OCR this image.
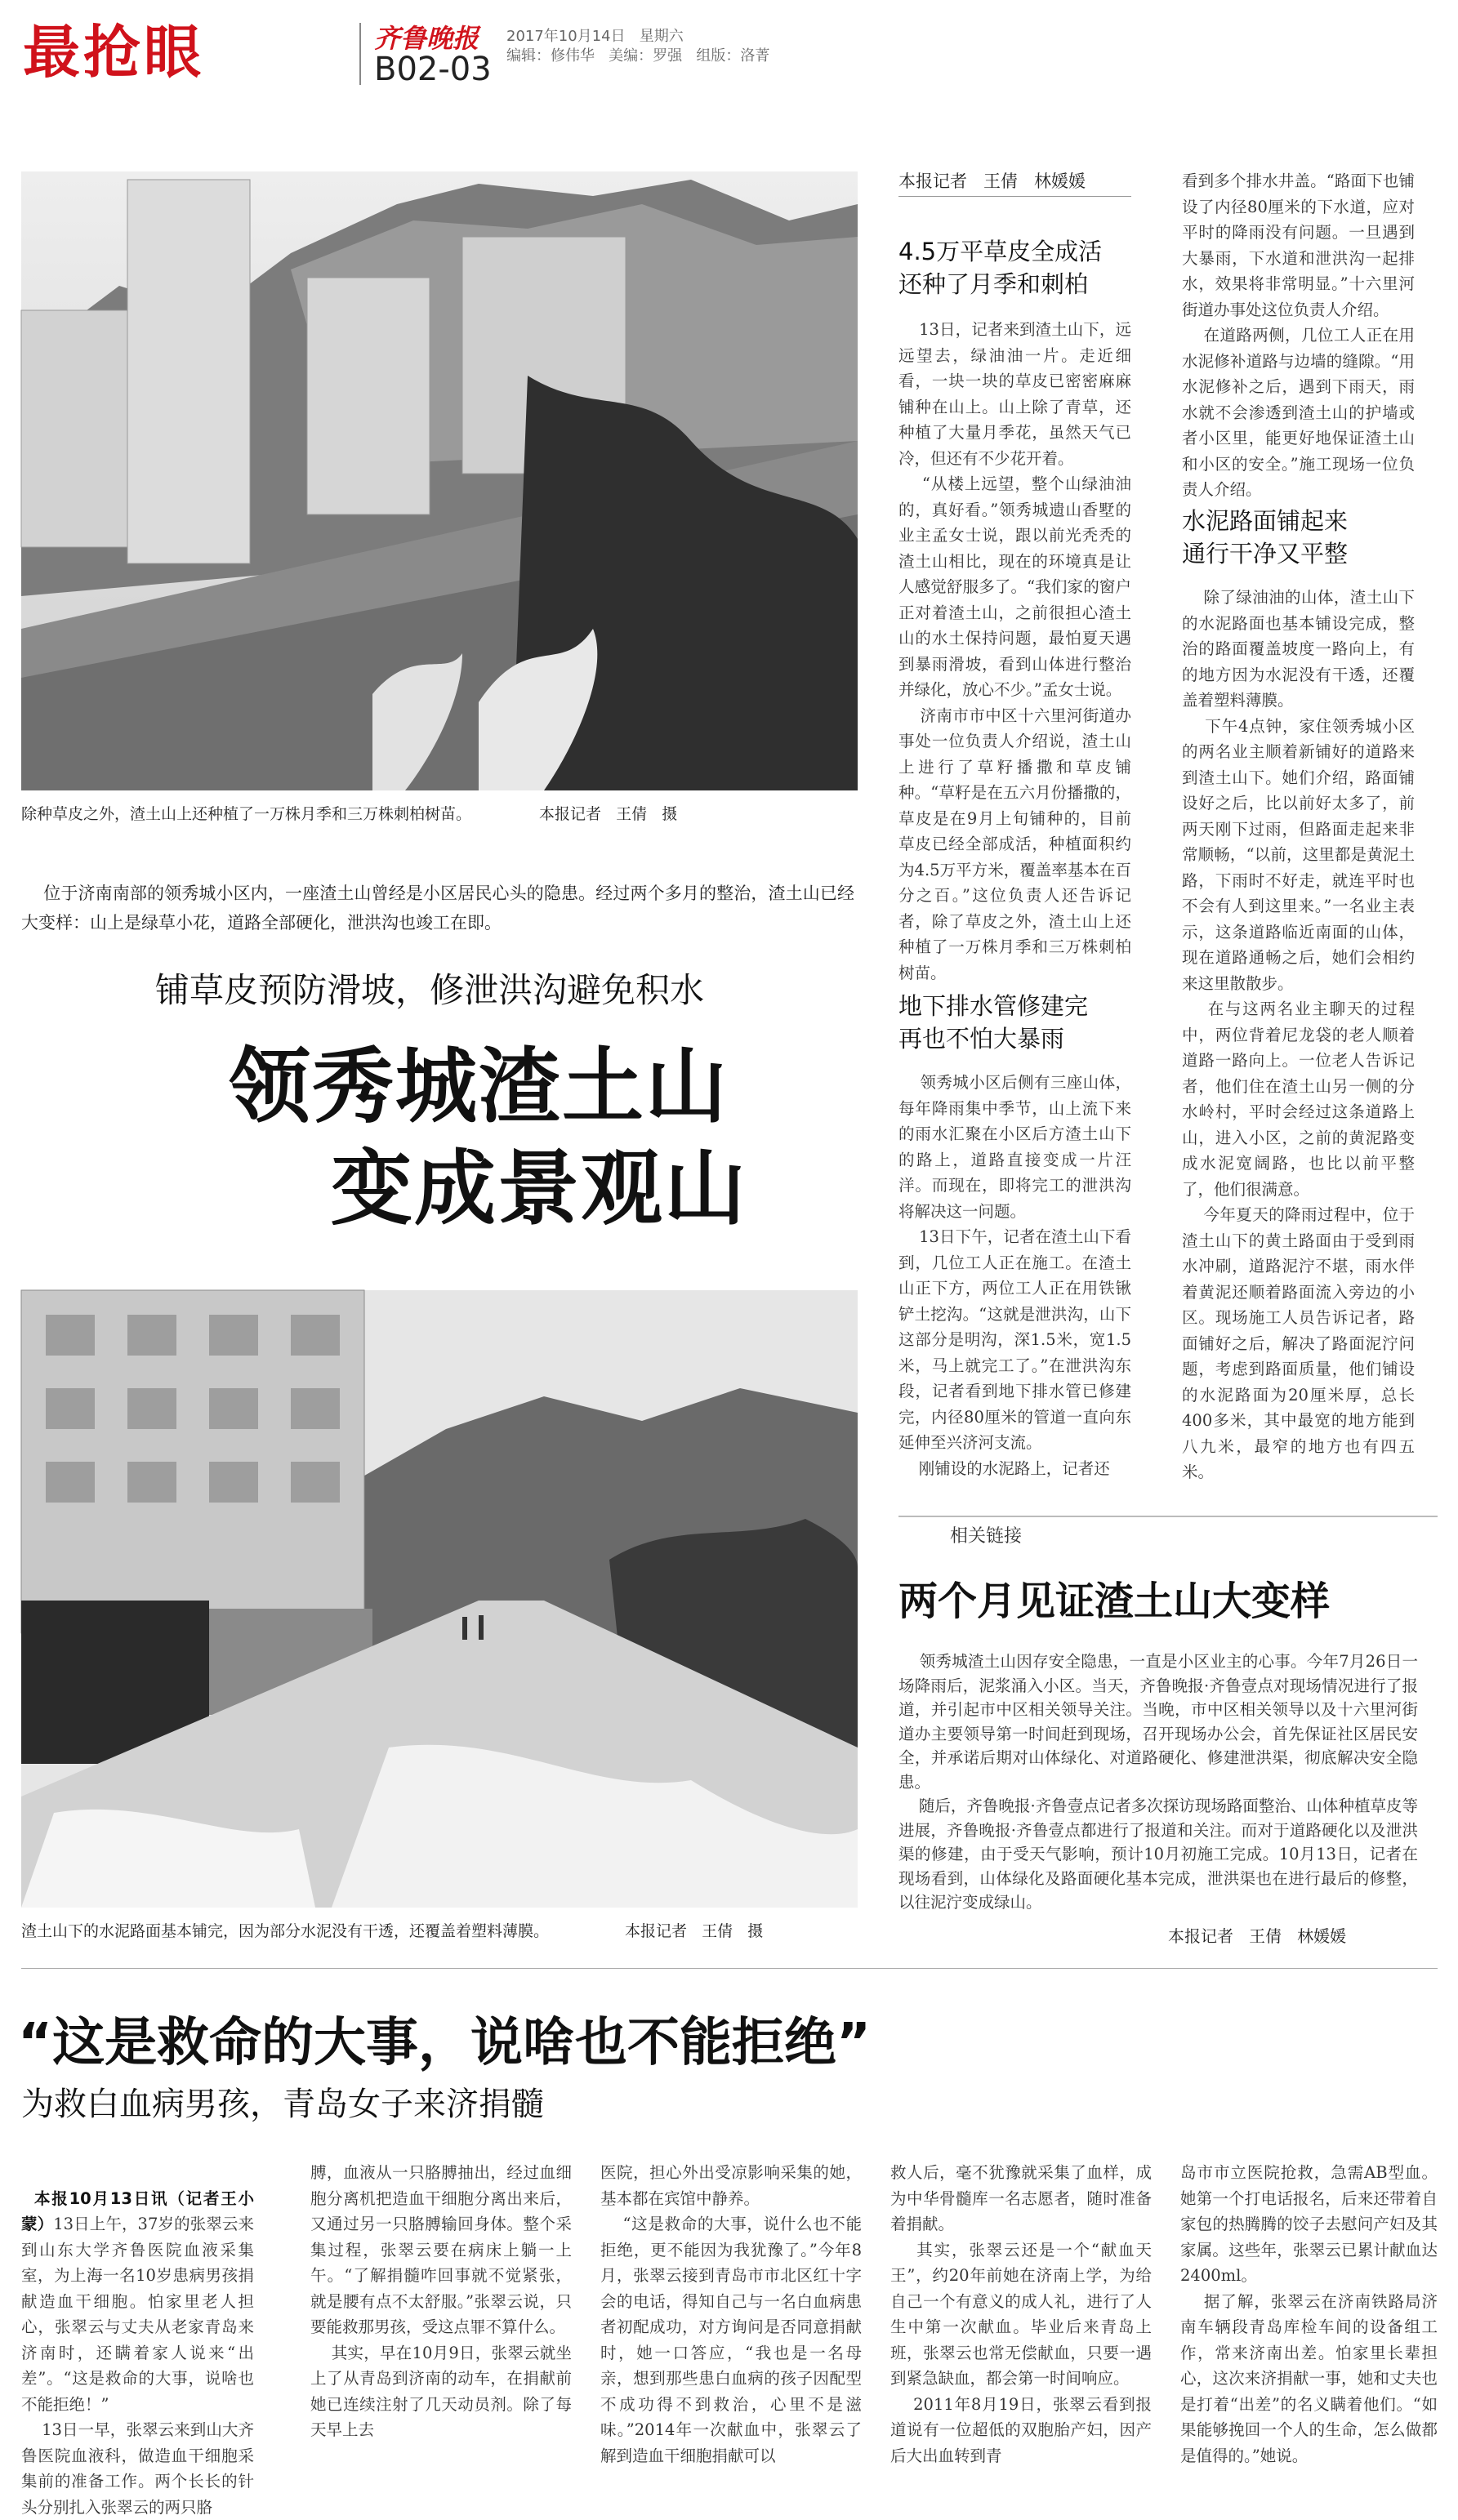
最抢眼	齐鲁晚报 2017年10月14日   星期六
B02-03 编辑：修伟华   美编：罗强   组版：洛菁
除种草皮之外，渣土山上还种植了一万株月季和三万株刺柏树苗。	本报记者   王倩   摄
位于济南南部的领秀城小区内，一座渣土山曾经是小区居民心头的隐患。经过两个多月的整治，渣土山已经大变样：山上是绿草小花，道路全部硬化，泄洪沟也竣工在即。
铺草皮预防滑坡，修泄洪沟避免积水
领秀城渣土山
变成景观山
渣土山下的水泥路面基本铺完，因为部分水泥没有干透，还覆盖着塑料薄膜。	本报记者   王倩   摄
本报记者   王倩   林媛媛
4.5万平草皮全成活
还种了月季和刺柏
13日，记者来到渣土山下，远远望去，绿油油一片。走近细看，一块一块的草皮已密密麻麻铺种在山上。山上除了青草，还种植了大量月季花，虽然天气已冷，但还有不少花开着。
“从楼上远望，整个山绿油油的，真好看。”领秀城遗山香墅的业主孟女士说，跟以前光秃秃的渣土山相比，现在的环境真是让人感觉舒服多了。“我们家的窗户正对着渣土山，之前很担心渣土山的水土保持问题，最怕夏天遇到暴雨滑坡，看到山体进行整治并绿化，放心不少。”孟女士说。
济南市市中区十六里河街道办事处一位负责人介绍说，渣土山上进行了草籽播撒和草皮铺种。“草籽是在五六月份播撒的，草皮是在9月上旬铺种的，目前草皮已经全部成活，种植面积约为4.5万平方米，覆盖率基本在百分之百。”这位负责人还告诉记者，除了草皮之外，渣土山上还种植了一万株月季和三万株刺柏树苗。
地下排水管修建完
再也不怕大暴雨
领秀城小区后侧有三座山体，每年降雨集中季节，山上流下来的雨水汇聚在小区后方渣土山下的路上，道路直接变成一片汪洋。而现在，即将完工的泄洪沟将解决这一问题。
13日下午，记者在渣土山下看到，几位工人正在施工。在渣土山正下方，两位工人正在用铁锹铲土挖沟。“这就是泄洪沟，山下这部分是明沟，深1.5米，宽1.5米，马上就完工了。”在泄洪沟东段，记者看到地下排水管已修建完，内径80厘米的管道一直向东延伸至兴济河支流。
刚铺设的水泥路上，记者还
看到多个排水井盖。“路面下也铺设了内径80厘米的下水道，应对平时的降雨没有问题。一旦遇到大暴雨，下水道和泄洪沟一起排水，效果将非常明显。”十六里河街道办事处这位负责人介绍。
在道路两侧，几位工人正在用水泥修补道路与边墙的缝隙。“用水泥修补之后，遇到下雨天，雨水就不会渗透到渣土山的护墙或者小区里，能更好地保证渣土山和小区的安全。”施工现场一位负责人介绍。
水泥路面铺起来
通行干净又平整
除了绿油油的山体，渣土山下的水泥路面也基本铺设完成，整治的路面覆盖坡度一路向上，有的地方因为水泥没有干透，还覆盖着塑料薄膜。
下午4点钟，家住领秀城小区的两名业主顺着新铺好的道路来到渣土山下。她们介绍，路面铺设好之后，比以前好太多了，前两天刚下过雨，但路面走起来非常顺畅，“以前，这里都是黄泥土路，下雨时不好走，就连平时也不会有人到这里来。”一名业主表示，这条道路临近南面的山体，现在道路通畅之后，她们会相约来这里散散步。
在与这两名业主聊天的过程中，两位背着尼龙袋的老人顺着道路一路向上。一位老人告诉记者，他们住在渣土山另一侧的分水岭村，平时会经过这条道路上山，进入小区，之前的黄泥路变成水泥宽阔路，也比以前平整了，他们很满意。
今年夏天的降雨过程中，位于渣土山下的黄土路面由于受到雨水冲刷，道路泥泞不堪，雨水伴着黄泥还顺着路面流入旁边的小区。现场施工人员告诉记者，路面铺好之后，解决了路面泥泞问题，考虑到路面质量，他们铺设的水泥路面为20厘米厚，总长400多米，其中最宽的地方能到八九米，最窄的地方也有四五米。
相关链接
两个月见证渣土山大变样
领秀城渣土山因存安全隐患，一直是小区业主的心事。今年7月26日一场降雨后，泥浆涌入小区。当天，齐鲁晚报·齐鲁壹点对现场情况进行了报道，并引起市中区相关领导关注。当晚，市中区相关领导以及十六里河街道办主要领导第一时间赶到现场，召开现场办公会，首先保证社区居民安全，并承诺后期对山体绿化、对道路硬化、修建泄洪渠，彻底解决安全隐患。
随后，齐鲁晚报·齐鲁壹点记者多次探访现场路面整治、山体种植草皮等进展，齐鲁晚报·齐鲁壹点都进行了报道和关注。而对于道路硬化以及泄洪渠的修建，由于受天气影响，预计10月初施工完成。10月13日，记者在现场看到，山体绿化及路面硬化基本完成，泄洪渠也在进行最后的修整，以往泥泞变成绿山。
本报记者   王倩   林媛媛
“这是救命的大事，说啥也不能拒绝”
为救白血病男孩，青岛女子来济捐髓

本报10月13日讯（记者王小蒙）13日上午，37岁的张翠云来到山东大学齐鲁医院血液采集室，为上海一名10岁患病男孩捐献造血干细胞。怕家里老人担心，张翠云与丈夫从老家青岛来济南时，还瞒着家人说来“出差”。“这是救命的大事，说啥也不能拒绝！”
13日一早，张翠云来到山大齐鲁医院血液科，做造血干细胞采集前的准备工作。两个长长的针头分别扎入张翠云的两只胳

膊，血液从一只胳膊抽出，经过血细胞分离机把造血干细胞分离出来后，又通过另一只胳膊输回身体。整个采集过程，张翠云要在病床上躺一上午。“了解捐髓咋回事就不觉紧张，就是腰有点不太舒服。”张翠云说，只要能救那男孩，受这点罪不算什么。
其实，早在10月9日，张翠云就坐上了从青岛到济南的动车，在捐献前她已连续注射了几天动员剂。除了每天早上去
医院，担心外出受凉影响采集的她，基本都在宾馆中静养。
“这是救命的大事，说什么也不能拒绝，更不能因为我犹豫了。”今年8月，张翠云接到青岛市市北区红十字会的电话，得知自己与一名白血病患者初配成功，对方询问是否同意捐献时，她一口答应，“我也是一名母亲，想到那些患白血病的孩子因配型不成功得不到救治，心里不是滋味。”2014年一次献血中，张翠云了解到造血干细胞捐献可以
救人后，毫不犹豫就采集了血样，成为中华骨髓库一名志愿者，随时准备着捐献。
其实，张翠云还是一个“献血天王”，约20年前她在济南上学，为给自己一个有意义的成人礼，进行了人生中第一次献血。毕业后来青岛上班，张翠云也常无偿献血，只要一遇到紧急缺血，都会第一时间响应。
2011年8月19日，张翠云看到报道说有一位超低的双胞胎产妇，因产后大出血转到青
岛市市立医院抢救，急需AB型血。她第一个打电话报名，后来还带着自家包的热腾腾的饺子去慰问产妇及其家属。这些年，张翠云已累计献血达2400ml。
据了解，张翠云在济南铁路局济南车辆段青岛库检车间的设备组工作，常来济南出差。怕家里长辈担心，这次来济捐献一事，她和丈夫也是打着“出差”的名义瞒着他们。“如果能够挽回一个人的生命，怎么做都是值得的。”她说。
